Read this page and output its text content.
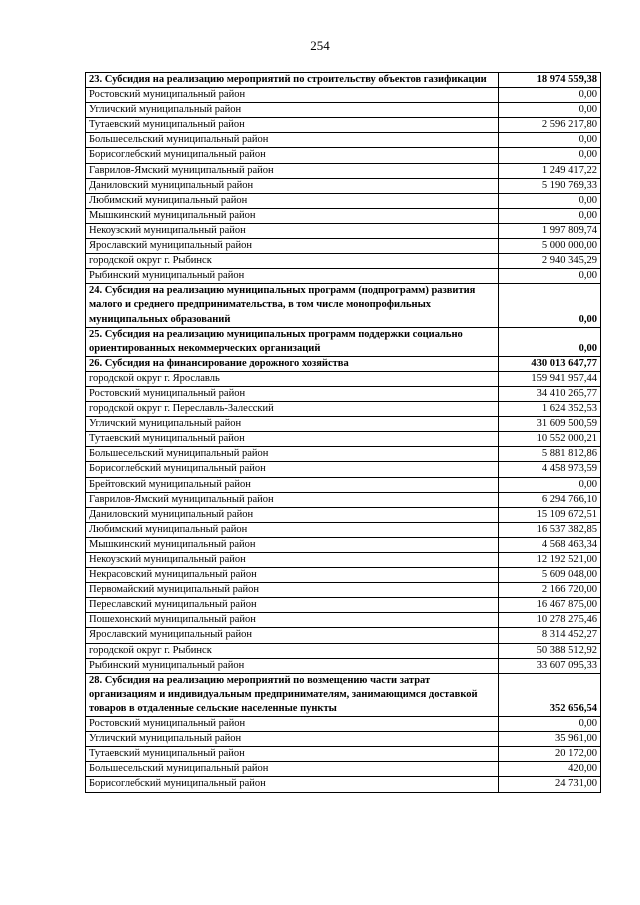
254
23. Субсидия на реализацию мероприятий по строительству объектов газификации	18 974 559,38
Ростовский муниципальный район	0,00
Угличский муниципальный район	0,00
Тутаевский муниципальный район	2 596 217,80
Большесельский муниципальный район	0,00
Борисоглебский муниципальный район	0,00
Гаврилов-Ямский муниципальный район	1 249 417,22
Даниловский муниципальный район	5 190 769,33
Любимский муниципальный район	0,00
Мышкинский муниципальный район	0,00
Некоузский муниципальный район	1 997 809,74
Ярославский муниципальный район	5 000 000,00
городской округ г. Рыбинск	2 940 345,29
Рыбинский муниципальный район	0,00
24. Субсидия на реализацию муниципальных программ (подпрограмм) развития малого и среднего предпринимательства, в том числе монопрофильных муниципальных образований	0,00
25. Субсидия на реализацию муниципальных программ поддержки социально ориентированных некоммерческих организаций	0,00
26. Субсидия на финансирование дорожного хозяйства	430 013 647,77
городской округ г. Ярославль	159 941 957,44
Ростовский муниципальный район	34 410 265,77
городской округ г. Переславль-Залесский	1 624 352,53
Угличский муниципальный район	31 609 500,59
Тутаевский муниципальный район	10 552 000,21
Большесельский муниципальный район	5 881 812,86
Борисоглебский муниципальный район	4 458 973,59
Брейтовский муниципальный район	0,00
Гаврилов-Ямский муниципальный район	6 294 766,10
Даниловский муниципальный район	15 109 672,51
Любимский муниципальный район	16 537 382,85
Мышкинский муниципальный район	4 568 463,34
Некоузский муниципальный район	12 192 521,00
Некрасовский муниципальный район	5 609 048,00
Первомайский муниципальный район	2 166 720,00
Переславский муниципальный район	16 467 875,00
Пошехонский муниципальный район	10 278 275,46
Ярославский муниципальный район	8 314 452,27
городской округ г. Рыбинск	50 388 512,92
Рыбинский муниципальный район	33 607 095,33
28. Субсидия на реализацию мероприятий по возмещению части затрат организациям и индивидуальным предпринимателям, занимающимся доставкой товаров в отдаленные сельские населенные пункты	352 656,54
Ростовский муниципальный район	0,00
Угличский муниципальный район	35 961,00
Тутаевский муниципальный район	20 172,00
Большесельский муниципальный район	420,00
Борисоглебский муниципальный район	24 731,00
